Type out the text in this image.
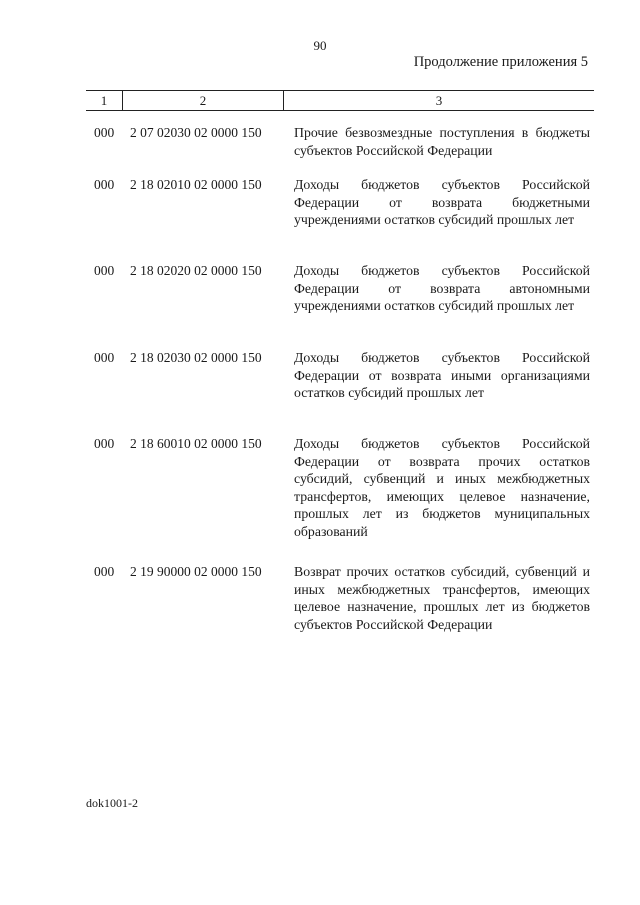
90
Продолжение приложения 5
1	2	3
000	2 07 02030 02 0000 150	Прочие безвозмездные поступления в бюджеты субъектов Российской Федерации
000	2 18 02010 02 0000 150	Доходы бюджетов субъектов Российской Федерации от возврата бюджетными учреждениями остатков субсидий прошлых лет
000	2 18 02020 02 0000 150	Доходы бюджетов субъектов Российской Федерации от возврата автономными учреждениями остатков субсидий прошлых лет
000	2 18 02030 02 0000 150	Доходы бюджетов субъектов Российской Федерации от возврата иными организациями остатков субсидий прошлых лет
000	2 18 60010 02 0000 150	Доходы бюджетов субъектов Российской Федерации от возврата прочих остатков субсидий, субвенций и иных межбюджетных трансфертов, имеющих целевое назначение, прошлых лет из бюджетов муниципальных образований
000	2 19 90000 02 0000 150	Возврат прочих остатков субсидий, субвенций и иных межбюджетных трансфертов, имеющих целевое назначение, прошлых лет из бюджетов субъектов Российской Федерации
dok1001-2
